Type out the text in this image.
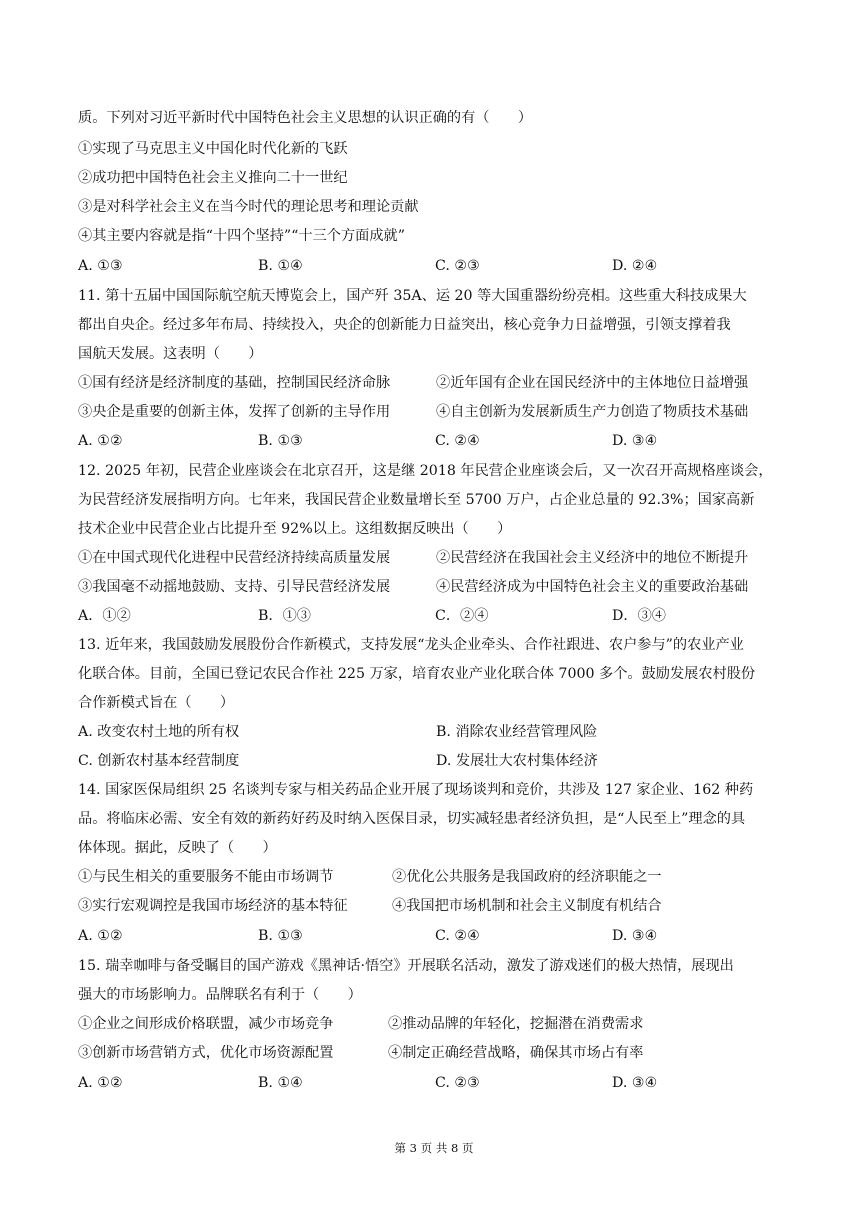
质。下列对习近平新时代中国特色社会主义思想的认识正确的有（　　）
①实现了马克思主义中国化时代化新的飞跃
②成功把中国特色社会主义推向二十一世纪
③是对科学社会主义在当今时代的理论思考和理论贡献
④其主要内容就是指“十四个坚持”“十三个方面成就”
A. ①③	B. ①④	C. ②③	D. ②④
11. 第十五届中国国际航空航天博览会上，国产歼 35A、运 20 等大国重器纷纷亮相。这些重大科技成果大
都出自央企。经过多年布局、持续投入，央企的创新能力日益突出，核心竞争力日益增强，引领支撑着我
国航天发展。这表明（　　）
①国有经济是经济制度的基础，控制国民经济命脉	②近年国有企业在国民经济中的主体地位日益增强
③央企是重要的创新主体，发挥了创新的主导作用	④自主创新为发展新质生产力创造了物质技术基础
A. ①②	B. ①③	C. ②④	D. ③④
12. 2025 年初，民营企业座谈会在北京召开，这是继 2018 年民营企业座谈会后，又一次召开高规格座谈会，
为民营经济发展指明方向。七年来，我国民营企业数量增长至 5700 万户，占企业总量的 92.3%；国家高新
技术企业中民营企业占比提升至 92%以上。这组数据反映出（　　）
①在中国式现代化进程中民营经济持续高质量发展	②民营经济在我国社会主义经济中的地位不断提升
③我国毫不动摇地鼓励、支持、引导民营经济发展	④民营经济成为中国特色社会主义的重要政治基础
A．①②	B．①③	C．②④	D．③④
13. 近年来，我国鼓励发展股份合作新模式，支持发展“龙头企业牵头、合作社跟进、农户参与”的农业产业
化联合体。目前，全国已登记农民合作社 225 万家，培育农业产业化联合体 7000 多个。鼓励发展农村股份
合作新模式旨在（　　）
A. 改变农村土地的所有权	B. 消除农业经营管理风险
C. 创新农村基本经营制度	D. 发展壮大农村集体经济
14. 国家医保局组织 25 名谈判专家与相关药品企业开展了现场谈判和竞价，共涉及 127 家企业、162 种药
品。将临床必需、安全有效的新药好药及时纳入医保目录，切实减轻患者经济负担，是“人民至上”理念的具
体体现。据此，反映了（　　）
①与民生相关的重要服务不能由市场调节	②优化公共服务是我国政府的经济职能之一
③实行宏观调控是我国市场经济的基本特征	④我国把市场机制和社会主义制度有机结合
A. ①②	B. ①③	C. ②④	D. ③④
15. 瑞幸咖啡与备受瞩目的国产游戏《黑神话·悟空》开展联名活动，激发了游戏迷们的极大热情，展现出
强大的市场影响力。品牌联名有利于（　　）
①企业之间形成价格联盟，减少市场竞争	②推动品牌的年轻化，挖掘潜在消费需求
③创新市场营销方式，优化市场资源配置	④制定正确经营战略，确保其市场占有率
A. ①②	B. ①④	C. ②③	D. ③④
第 3 页 共 8 页
